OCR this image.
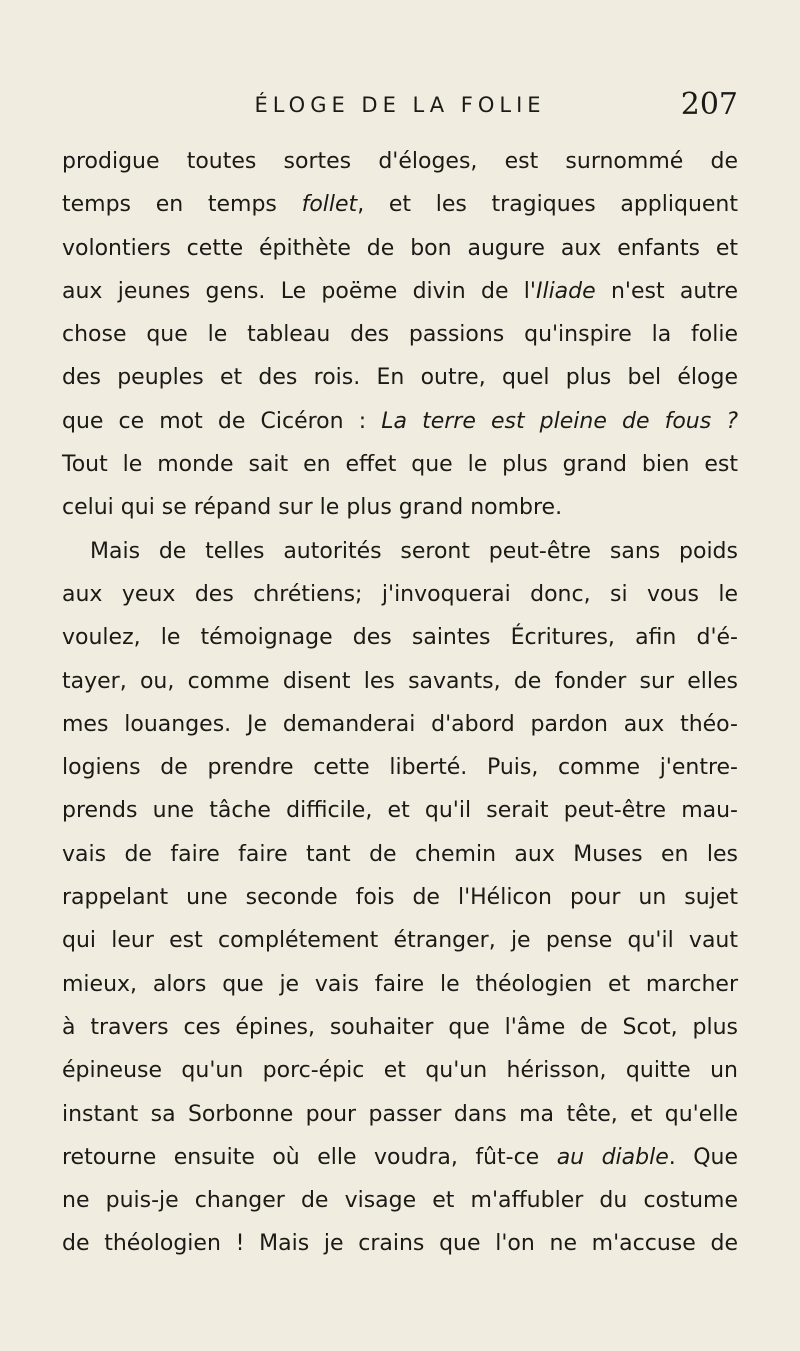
ÉLOGE DE LA FOLIE	207
prodigue toutes sortes d'éloges, est surnommé de
temps en temps follet, et les tragiques appliquent
volontiers cette épithète de bon augure aux enfants et
aux jeunes gens. Le poëme divin de l'Iliade n'est autre
chose que le tableau des passions qu'inspire la folie
des peuples et des rois. En outre, quel plus bel éloge
que ce mot de Cicéron : La terre est pleine de fous ?
Tout le monde sait en effet que le plus grand bien est
celui qui se répand sur le plus grand nombre.
Mais de telles autorités seront peut-être sans poids
aux yeux des chrétiens; j'invoquerai donc, si vous le
voulez, le témoignage des saintes Écritures, afin d'é-
tayer, ou, comme disent les savants, de fonder sur elles
mes louanges. Je demanderai d'abord pardon aux théo-
logiens de prendre cette liberté. Puis, comme j'entre-
prends une tâche difficile, et qu'il serait peut-être mau-
vais de faire faire tant de chemin aux Muses en les
rappelant une seconde fois de l'Hélicon pour un sujet
qui leur est complétement étranger, je pense qu'il vaut
mieux, alors que je vais faire le théologien et marcher
à travers ces épines, souhaiter que l'âme de Scot, plus
épineuse qu'un porc-épic et qu'un hérisson, quitte un
instant sa Sorbonne pour passer dans ma tête, et qu'elle
retourne ensuite où elle voudra, fût-ce au diable. Que
ne puis-je changer de visage et m'affubler du costume
de théologien ! Mais je crains que l'on ne m'accuse de
